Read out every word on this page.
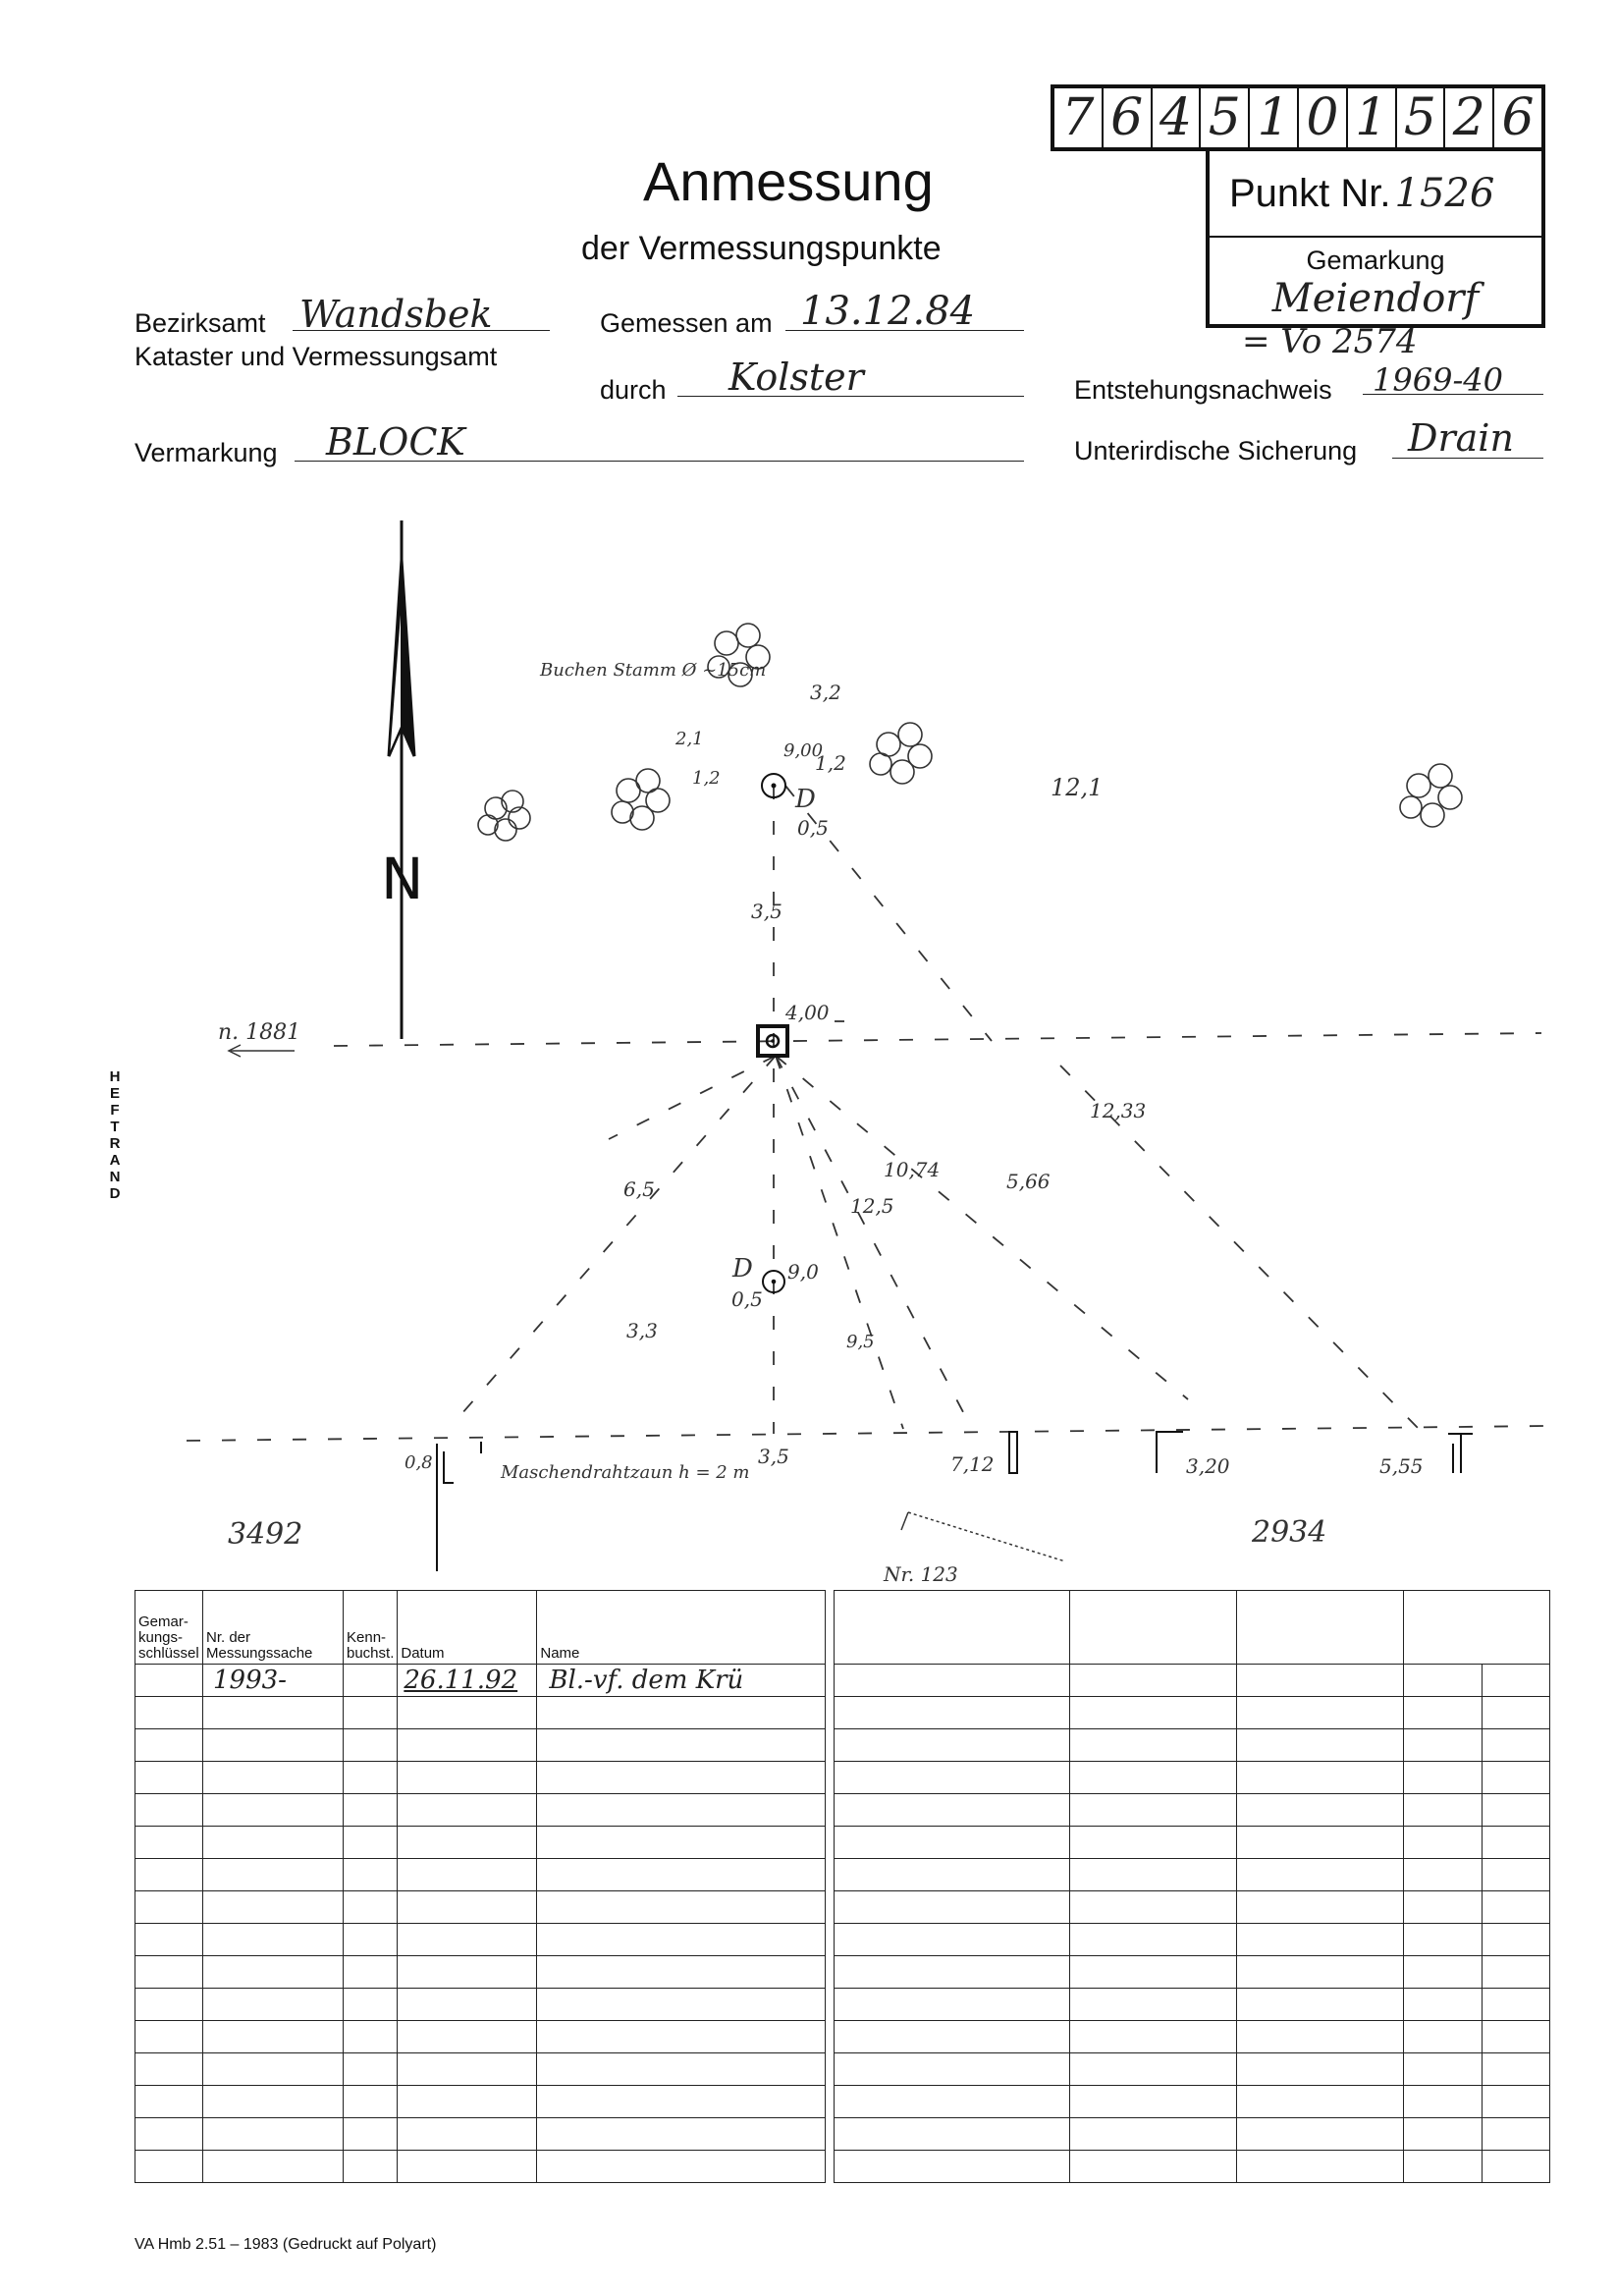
7 6 4 5 1 0 1 5 2 6
Punkt Nr. 1526
Gemarkung
Meiendorf
= Vo 2574
Anmessung
der Vermessungspunkte
Bezirksamt Wandsbek
Kataster und Vermessungsamt
Gemessen am 13.12.84
durch Kolster	Entstehungsnachweis 1969-40
Vermarkung BLOCK	Unterirdische Sicherung Drain
H
E
F
T
R
A
N
D
N
Buchen Stamm Ø ~15cm
12,1
9,00
1,2
3,2
2,1
1,2
D
0,5
3,5
4,00
n. 1881
12,33
5,66
10,74
12,5
6,5
D 9,0
0,5
3,3	9,5
3,5
0,8	Maschendrahtzaun h = 2 m	7,12	3,20	5,55
3492	2934
Nr. 123
Gemar-kungs-schlüssel	Nr. der Messungssache	Kenn-buchst.	Datum	Name
	1993-		26.11.92	Bl.-vf. dem Krü

VA Hmb 2.51 – 1983 (Gedruckt auf Polyart)
